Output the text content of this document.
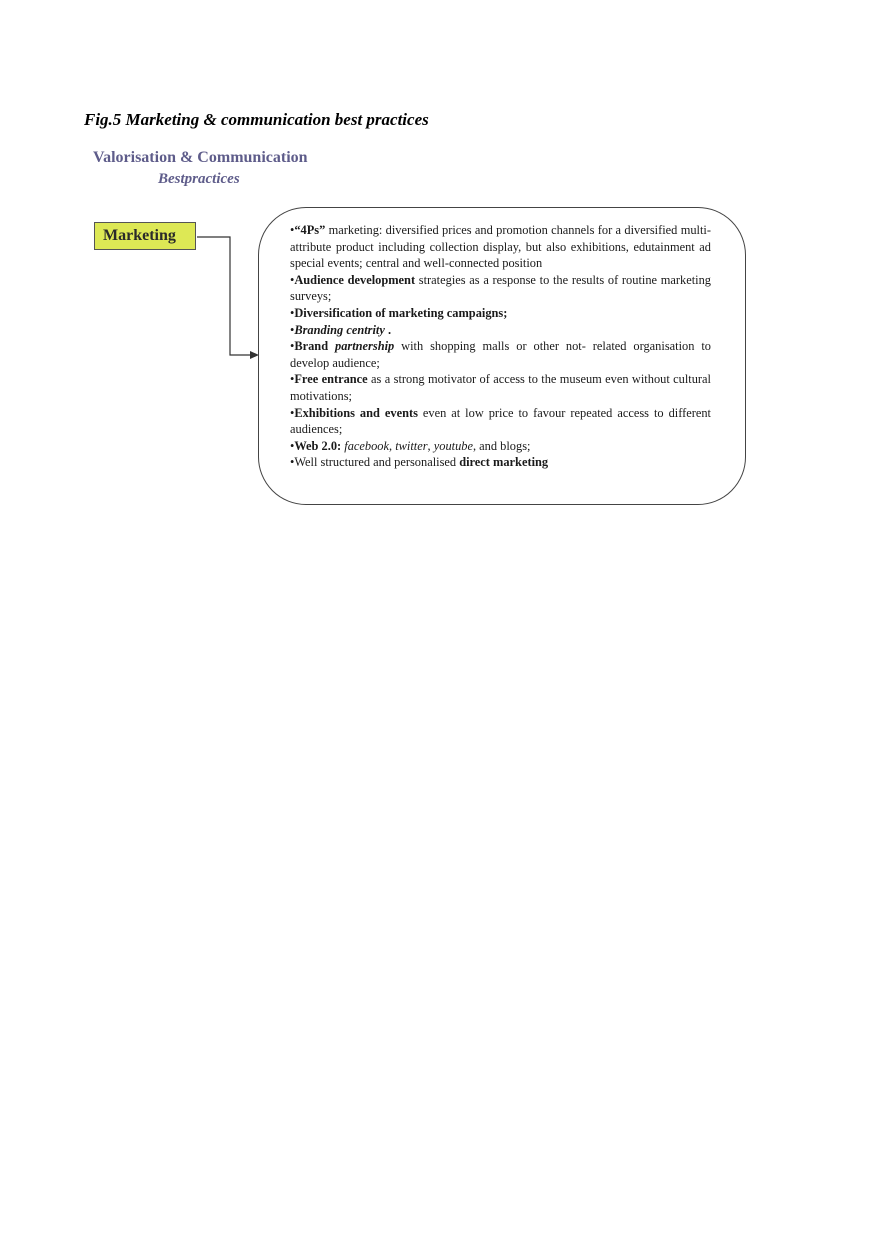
Fig.5 Marketing & communication best practices
Valorisation & Communication
Bestpractices
Marketing	•“4Ps” marketing: diversified prices and promotion channels for a diversified multi-attribute product including collection display, but also exhibitions, edutainment ad special events; central and well-connected position

•Audience development strategies as a response to the results of routine marketing surveys;

•Diversification of marketing campaigns;

•Branding centrity .

•Brand partnership with shopping malls or other not- related organisation to develop audience;

•Free entrance as a strong motivator of access to the museum even without cultural motivations;

•Exhibitions and events even at low price to favour repeated access to different audiences;

•Web 2.0: facebook, twitter, youtube, and blogs;

•Well structured and personalised direct marketing
